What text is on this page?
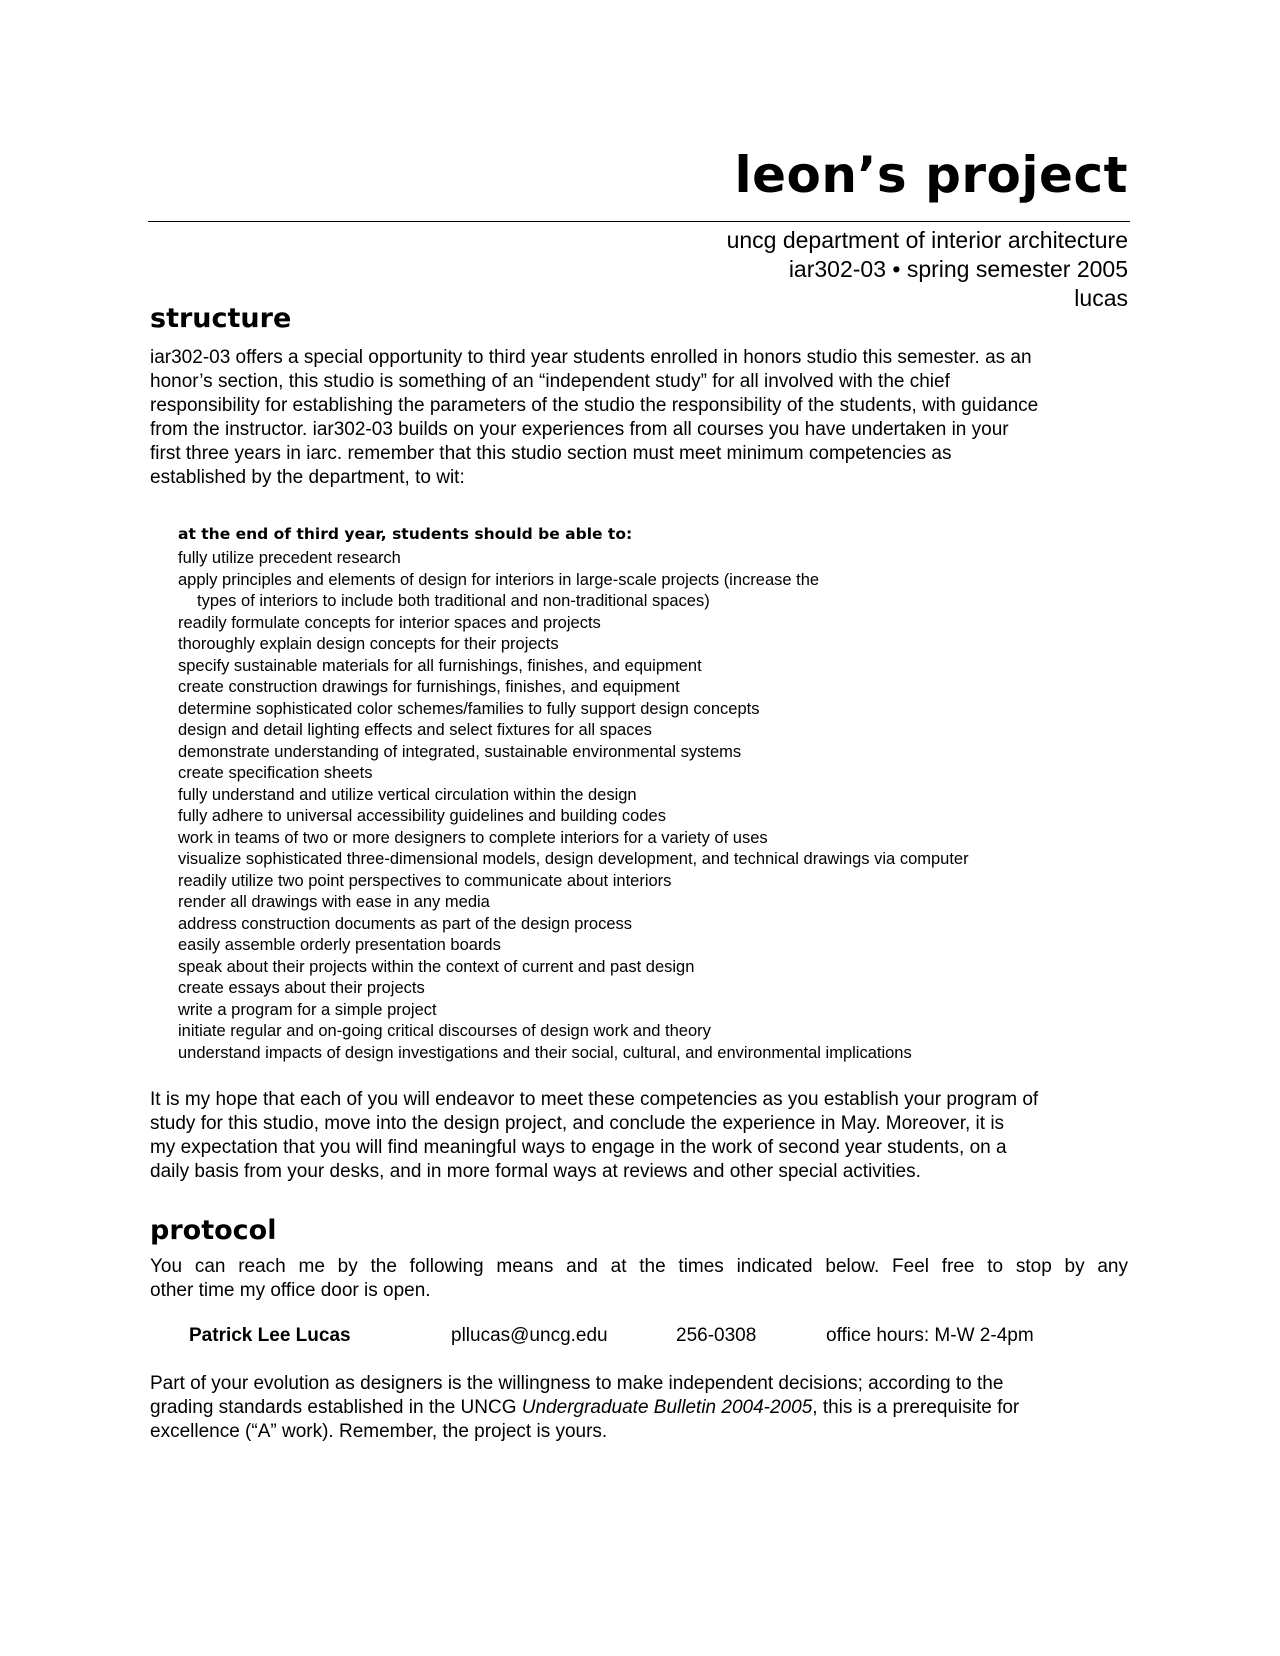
leon’s project
uncg department of interior architecture
iar302-03 • spring semester 2005
lucas
structure

iar302-03 offers a special opportunity to third year students enrolled in honors studio this semester. as an
honor’s section, this studio is something of an “independent study” for all involved with the chief
responsibility for establishing the parameters of the studio the responsibility of the students, with guidance
from the instructor. iar302-03 builds on your experiences from all courses you have undertaken in your
first three years in iarc. remember that this studio section must meet minimum competencies as
established by the department, to wit:

at the end of third year, students should be able to:
fully utilize precedent research
apply principles and elements of design for interiors in large-scale projects (increase the
types of interiors to include both traditional and non-traditional spaces)
readily formulate concepts for interior spaces and projects
thoroughly explain design concepts for their projects
specify sustainable materials for all furnishings, finishes, and equipment
create construction drawings for furnishings, finishes, and equipment
determine sophisticated color schemes/families to fully support design concepts
design and detail lighting effects and select fixtures for all spaces
demonstrate understanding of integrated, sustainable environmental systems
create specification sheets
fully understand and utilize vertical circulation within the design
fully adhere to universal accessibility guidelines and building codes
work in teams of two or more designers to complete interiors for a variety of uses
visualize sophisticated three-dimensional models, design development, and technical drawings via computer
readily utilize two point perspectives to communicate about interiors
render all drawings with ease in any media
address construction documents as part of the design process
easily assemble orderly presentation boards
speak about their projects within the context of current and past design
create essays about their projects
write a program for a simple project
initiate regular and on-going critical discourses of design work and theory
understand impacts of design investigations and their social, cultural, and environmental implications

It is my hope that each of you will endeavor to meet these competencies as you establish your program of
study for this studio, move into the design project, and conclude the experience in May. Moreover, it is
my expectation that you will find meaningful ways to engage in the work of second year students, on a
daily basis from your desks, and in more formal ways at reviews and other special activities.

protocol

You can reach me by the following means and at the times indicated below. Feel free to stop by any
other time my office door is open.

Patrick Lee Lucas	pllucas@uncg.edu	256-0308	office hours: M-W 2-4pm

Part of your evolution as designers is the willingness to make independent decisions; according to the
grading standards established in the UNCG Undergraduate Bulletin 2004-2005, this is a prerequisite for
excellence (“A” work). Remember, the project is yours.
